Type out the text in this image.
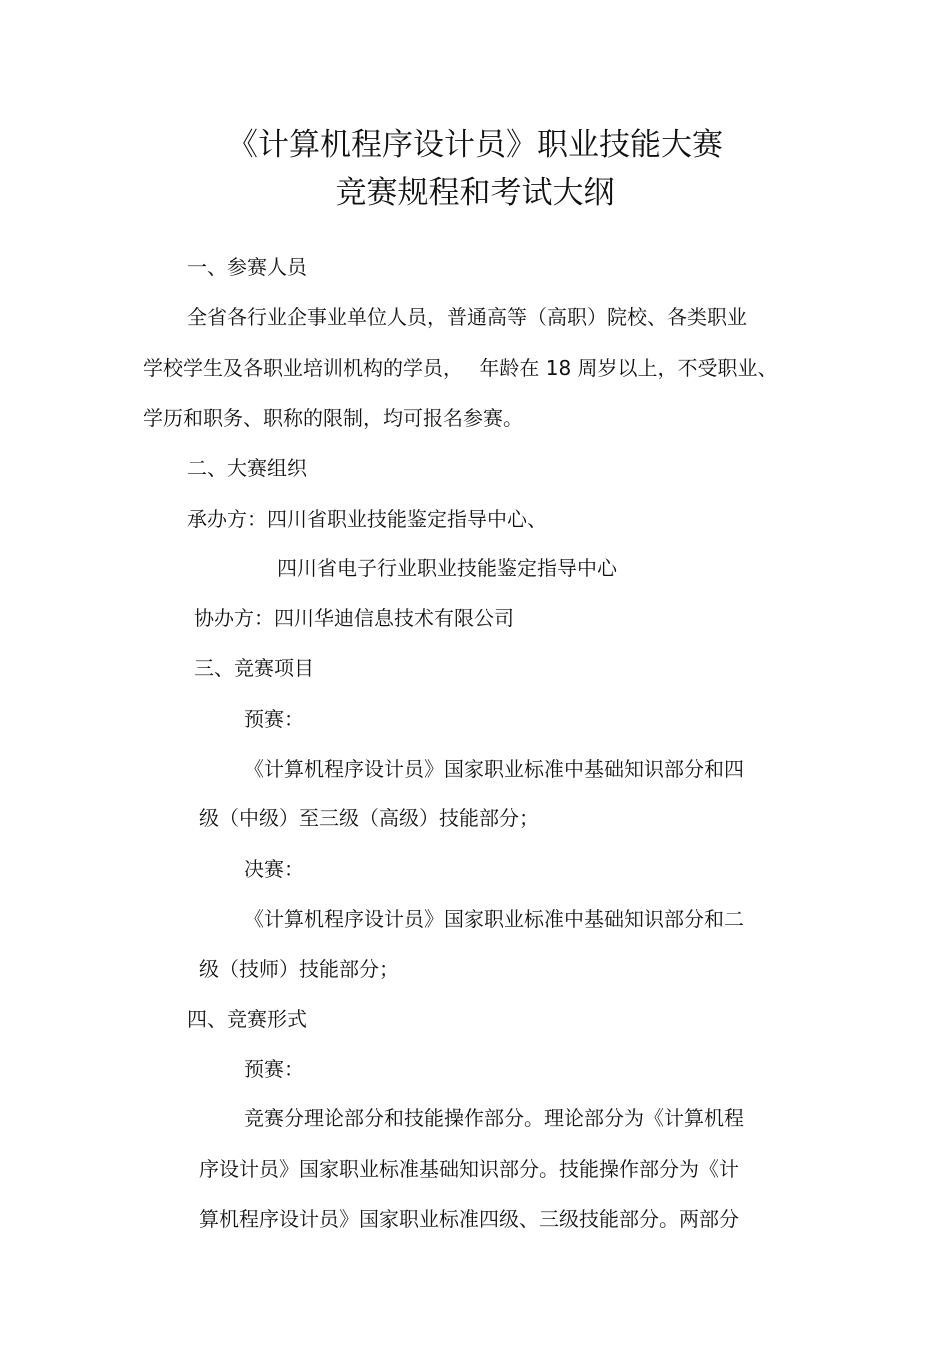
《计算机程序设计员》职业技能大赛
竞赛规程和考试大纲
一、参赛人员
全省各行业企事业单位人员，普通高等（高职）院校、各类职业
学校学生及各职业培训机构的学员，　 年龄在 18 周岁以上，不受职业、
学历和职务、职称的限制，均可报名参赛。
二、大赛组织
承办方：四川省职业技能鉴定指导中心、
四川省电子行业职业技能鉴定指导中心
协办方：四川华迪信息技术有限公司
三、竞赛项目
预赛：
《计算机程序设计员》国家职业标准中基础知识部分和四
级（中级）至三级（高级）技能部分；
决赛：
《计算机程序设计员》国家职业标准中基础知识部分和二
级（技师）技能部分；
四、竞赛形式
预赛：
竞赛分理论部分和技能操作部分。理论部分为《计算机程
序设计员》国家职业标准基础知识部分。技能操作部分为《计
算机程序设计员》国家职业标准四级、三级技能部分。两部分
